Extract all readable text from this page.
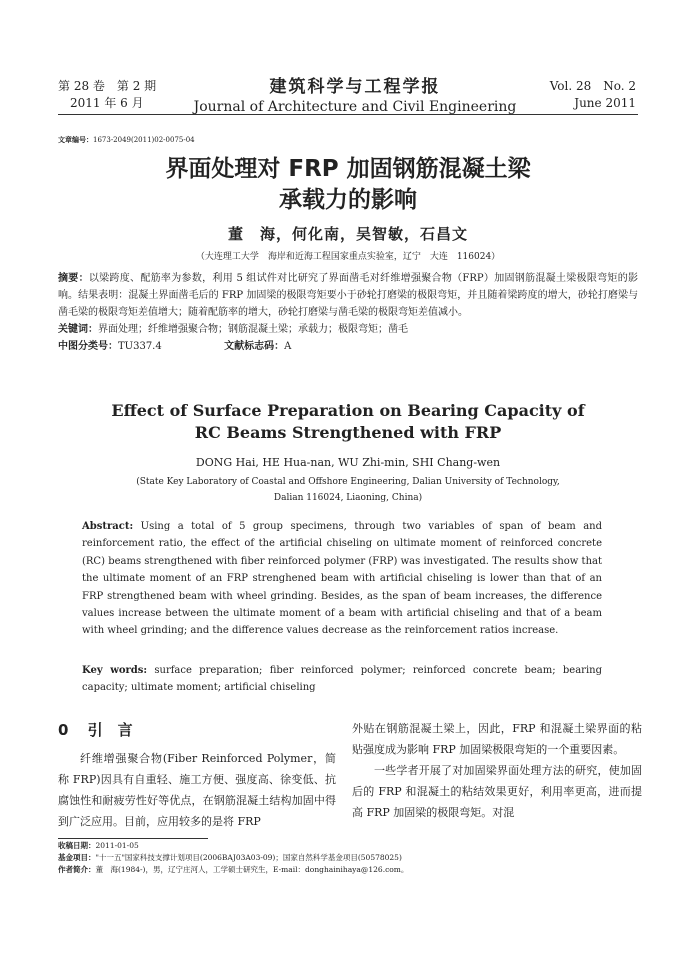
第 28 卷　第 2 期
2011 年 6 月
建筑科学与工程学报
Journal of Architecture and Civil Engineering
Vol. 28　No. 2
June 2011
文章编号：1673-2049(2011)02-0075-04
界面处理对 FRP 加固钢筋混凝土梁
承载力的影响
董　海，何化南，吴智敏，石昌文
（大连理工大学　海岸和近海工程国家重点实验室，辽宁　大连　116024）
摘要：以梁跨度、配筋率为参数，利用 5 组试件对比研究了界面凿毛对纤维增强聚合物（FRP）加固钢筋混凝土梁极限弯矩的影响。结果表明：混凝土界面凿毛后的 FRP 加固梁的极限弯矩要小于砂轮打磨梁的极限弯矩，并且随着梁跨度的增大，砂轮打磨梁与凿毛梁的极限弯矩差值增大；随着配筋率的增大，砂轮打磨梁与凿毛梁的极限弯矩差值减小。
关键词：界面处理；纤维增强聚合物；钢筋混凝土梁；承载力；极限弯矩；凿毛
中图分类号：TU337.4	文献标志码：A
Effect of Surface Preparation on Bearing Capacity of
RC Beams Strengthened with FRP
DONG Hai, HE Hua-nan, WU Zhi-min, SHI Chang-wen
(State Key Laboratory of Coastal and Offshore Engineering, Dalian University of Technology,
Dalian 116024, Liaoning, China)
Abstract: Using a total of 5 group specimens, through two variables of span of beam and reinforcement ratio, the effect of the artificial chiseling on ultimate moment of reinforced concrete (RC) beams strengthened with fiber reinforced polymer (FRP) was investigated. The results show that the ultimate moment of an FRP strenghened beam with artificial chiseling is lower than that of an FRP strengthened beam with wheel grinding. Besides, as the span of beam increases, the difference values increase between the ultimate moment of a beam with artificial chiseling and that of a beam with wheel grinding; and the difference values decrease as the reinforcement ratios increase.
Key words: surface preparation; fiber reinforced polymer; reinforced concrete beam; bearing capacity; ultimate moment; artificial chiseling
0 引　言

纤维增强聚合物(Fiber Reinforced Polymer，简称 FRP)因具有自重轻、施工方便、强度高、徐变低、抗腐蚀性和耐疲劳性好等优点，在钢筋混凝土结构加固中得到广泛应用。目前，应用较多的是将 FRP

外贴在钢筋混凝土梁上，因此，FRP 和混凝土梁界面的粘贴强度成为影响 FRP 加固梁极限弯矩的一个重要因素。

一些学者开展了对加固梁界面处理方法的研究，使加固后的 FRP 和混凝土的粘结效果更好，利用率更高，进而提高 FRP 加固梁的极限弯矩。对混

收稿日期：2011-01-05
基金项目："十一五"国家科技支撑计划项目(2006BAJ03A03-09)；国家自然科学基金项目(50578025)
作者简介：董　海(1984-)，男，辽宁庄河人，工学硕士研究生，E-mail：donghainihaya@126.com。
